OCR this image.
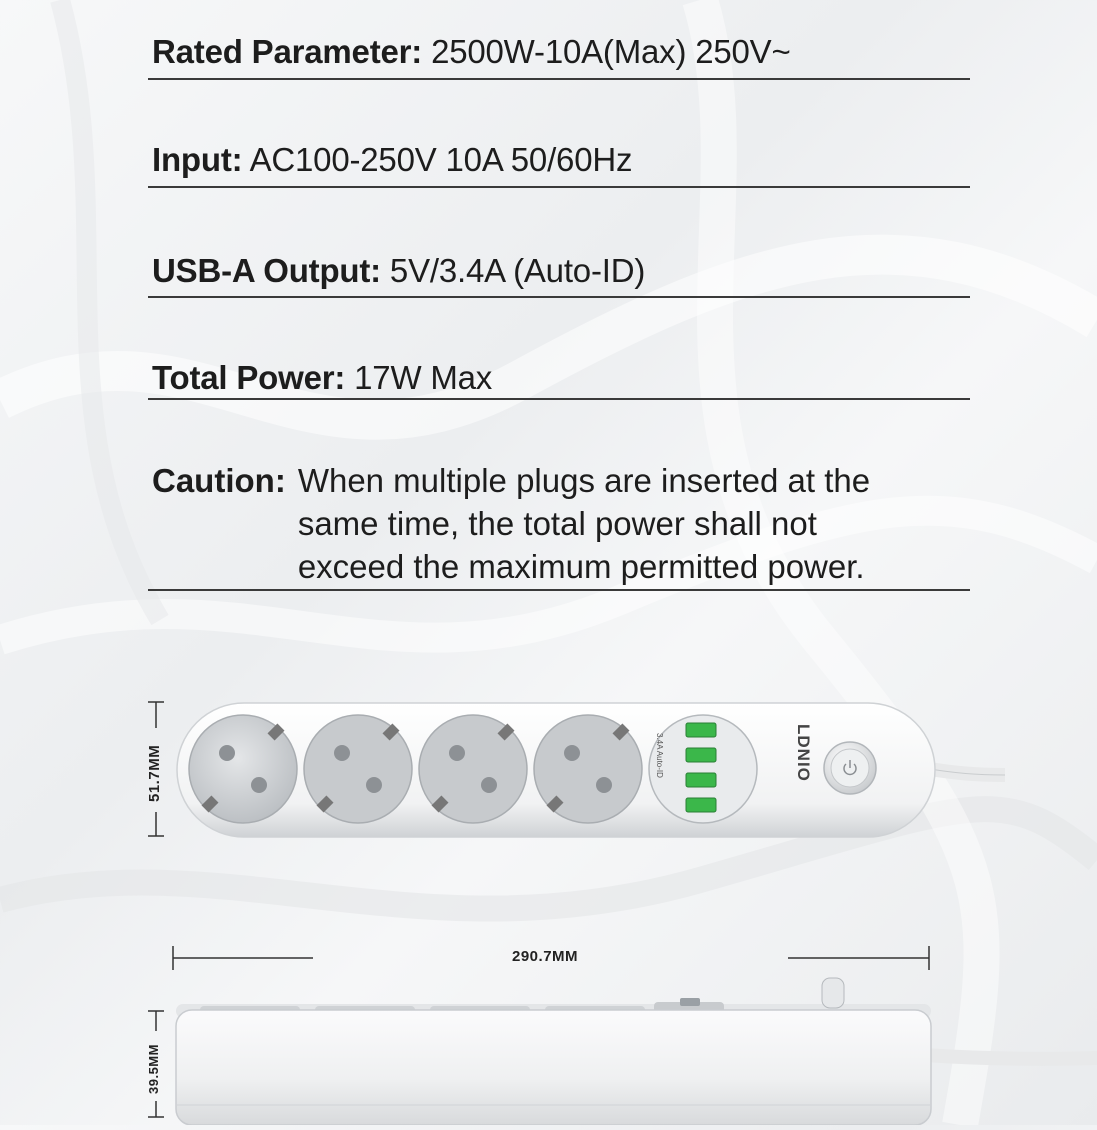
Rated Parameter: 2500W-10A(Max) 250V~
Input: AC100-250V 10A 50/60Hz
USB-A Output: 5V/3.4A (Auto-ID)
Total Power: 17W Max
Caution: When multiple plugs are inserted at the
same time, the total power shall not
exceed the maximum permitted power.
51.7MM	3.4A Auto-ID	LDNIO
290.7MM
39.5MM
